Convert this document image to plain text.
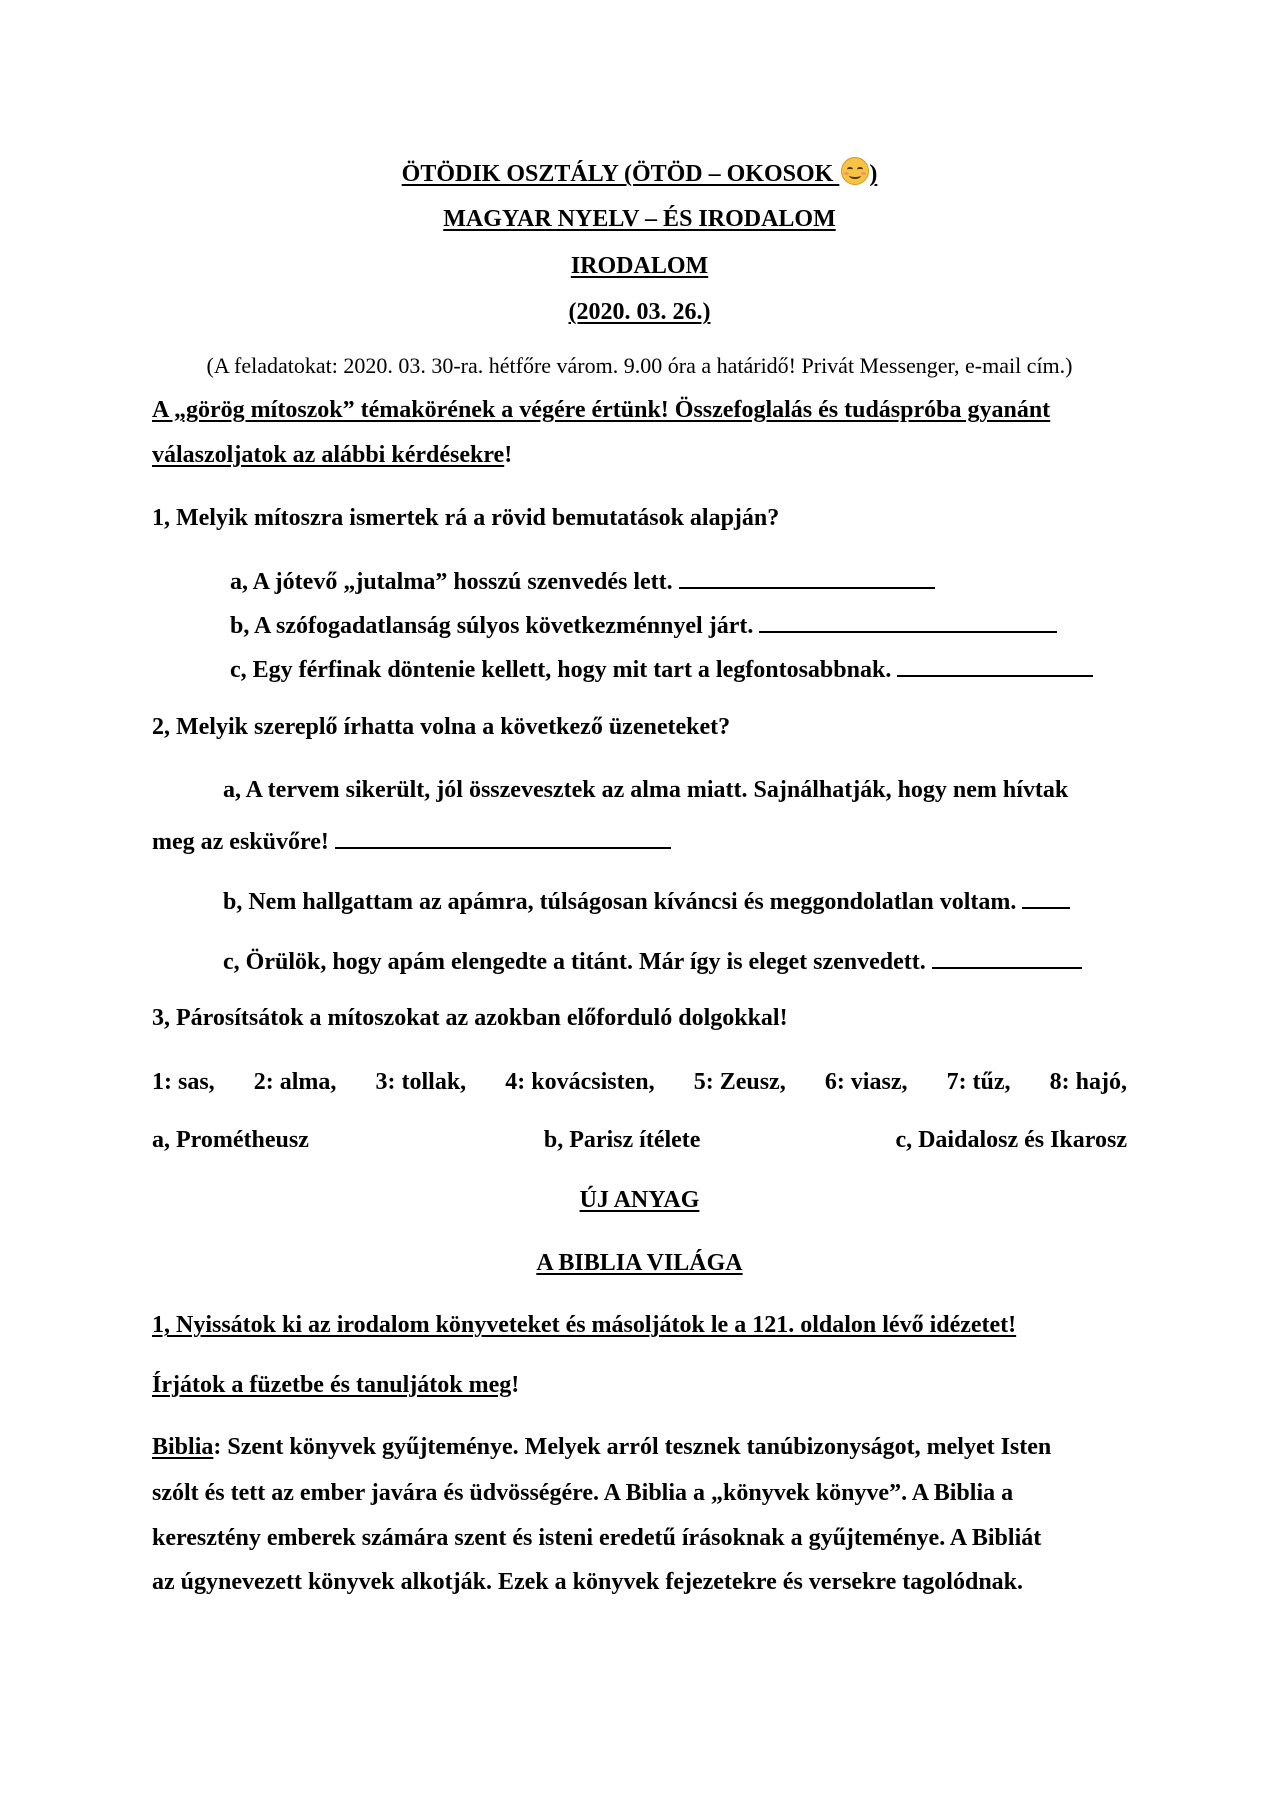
ÖTÖDIK OSZTÁLY (ÖTÖD – OKOSOK
)
MAGYAR NYELV – ÉS IRODALOM
IRODALOM
(2020. 03. 26.)
(A feladatokat: 2020. 03. 30-ra. hétfőre várom. 9.00 óra a határidő! Privát Messenger, e-mail cím.)
A „görög mítoszok” témakörének a végére értünk! Összefoglalás és tudáspróba gyanánt
válaszoljatok az alábbi kérdésekre!
1, Melyik mítoszra ismertek rá a rövid bemutatások alapján?
a, A jótevő „jutalma” hosszú szenvedés lett.
b, A szófogadatlanság súlyos következménnyel járt.
c, Egy férfinak döntenie kellett, hogy mit tart a legfontosabbnak.
2, Melyik szereplő írhatta volna a következő üzeneteket?
a, A tervem sikerült, jól összevesztek az alma miatt. Sajnálhatják, hogy nem hívtak
meg az esküvőre!
b, Nem hallgattam az apámra, túlságosan kíváncsi és meggondolatlan voltam.
c, Örülök, hogy apám elengedte a titánt. Már így is eleget szenvedett.
3, Párosítsátok a mítoszokat az azokban előforduló dolgokkal!
1: sas, 2: alma, 3: tollak, 4: kovácsisten, 5: Zeusz, 6: viasz, 7: tűz, 8: hajó,
a, Prométheusz	b, Parisz ítélete	c, Daidalosz és Ikarosz
ÚJ ANYAG
A BIBLIA VILÁGA
1, Nyissátok ki az irodalom könyveteket és másoljátok le a 121. oldalon lévő idézetet!
Írjátok a füzetbe és tanuljátok meg!
Biblia: Szent könyvek gyűjteménye. Melyek arról tesznek tanúbizonyságot, melyet Isten
szólt és tett az ember javára és üdvösségére. A Biblia a „könyvek könyve”. A Biblia a
keresztény emberek számára szent és isteni eredetű írásoknak a gyűjteménye. A Bibliát
az úgynevezett könyvek alkotják. Ezek a könyvek fejezetekre és versekre tagolódnak.
